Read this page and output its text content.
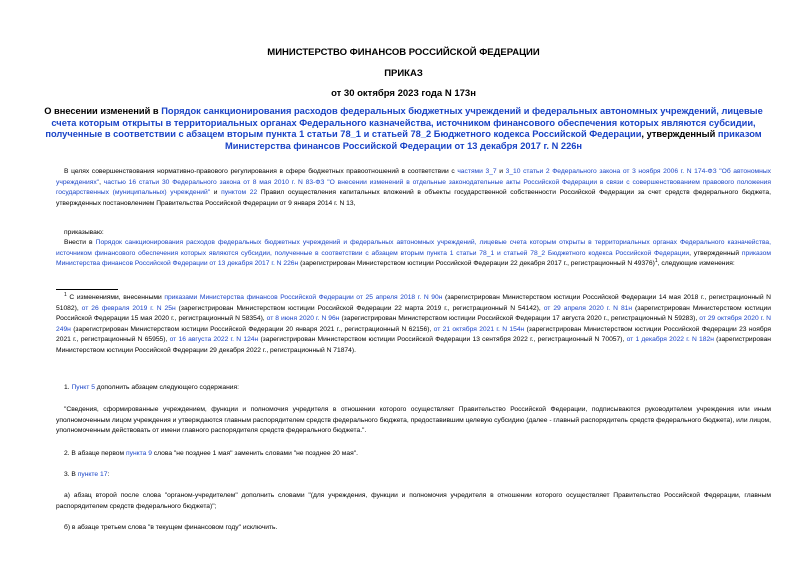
МИНИСТЕРСТВО ФИНАНСОВ РОССИЙСКОЙ ФЕДЕРАЦИИ
ПРИКАЗ
от 30 октября 2023 года N 173н
О внесении изменений в Порядок санкционирования расходов федеральных бюджетных учреждений и федеральных автономных учреждений, лицевые счета которым открыты в территориальных органах Федерального казначейства, источником финансового обеспечения которых являются субсидии, полученные в соответствии с абзацем вторым пункта 1 статьи 78_1 и статьей 78_2 Бюджетного кодекса Российской Федерации, утвержденный приказом Министерства финансов Российской Федерации от 13 декабря 2017 г. N 226н

В целях совершенствования нормативно-правового регулирования в сфере бюджетных правоотношений в соответствии с частями 3_7 и 3_10 статьи 2 Федерального закона от 3 ноября 2006 г. N 174-ФЗ "Об автономных учреждениях", частью 16 статьи 30 Федерального закона от 8 мая 2010 г. N 83-ФЗ "О внесении изменений в отдельные законодательные акты Российской Федерации в связи с совершенствованием правового положения государственных (муниципальных) учреждений" и пунктом 22 Правил осуществления капитальных вложений в объекты государственной собственности Российской Федерации за счет средств федерального бюджета, утвержденных постановлением Правительства Российской Федерации от 9 января 2014 г. N 13,

приказываю:

Внести в Порядок санкционирования расходов федеральных бюджетных учреждений и федеральных автономных учреждений, лицевые счета которым открыты в территориальных органах Федерального казначейства, источником финансового обеспечения которых являются субсидии, полученные в соответствии с абзацем вторым пункта 1 статьи 78_1 и статьей 78_2 Бюджетного кодекса Российской Федерации, утвержденный приказом Министерства финансов Российской Федерации от 13 декабря 2017 г. N 226н (зарегистрирован Министерством юстиции Российской Федерации 22 декабря 2017 г., регистрационный N 49376)$^1$, следующие изменения:

$^1$ С изменениями, внесенными приказами Министерства финансов Российской Федерации от 25 апреля 2018 г. N 90н (зарегистрирован Министерством юстиции Российской Федерации 14 мая 2018 г., регистрационный N 51082), от 26 февраля 2019 г. N 25н (зарегистрирован Министерством юстиции Российской Федерации 22 марта 2019 г., регистрационный N 54142), от 29 апреля 2020 г. N 81н (зарегистрирован Министерством юстиции Российской Федерации 15 мая 2020 г., регистрационный N 58354), от 8 июня 2020 г. N 96н (зарегистрирован Министерством юстиции Российской Федерации 17 августа 2020 г., регистрационный N 59283), от 29 октября 2020 г. N 249н (зарегистрирован Министерством юстиции Российской Федерации 20 января 2021 г., регистрационный N 62156), от 21 октября 2021 г. N 154н (зарегистрирован Министерством юстиции Российской Федерации 23 ноября 2021 г., регистрационный N 65955), от 16 августа 2022 г. N 124н (зарегистрирован Министерством юстиции Российской Федерации 13 сентября 2022 г., регистрационный N 70057), от 1 декабря 2022 г. N 182н (зарегистрирован Министерством юстиции Российской Федерации 29 декабря 2022 г., регистрационный N 71874).

1. Пункт 5 дополнить абзацем следующего содержания:

"Сведения, сформированные учреждением, функции и полномочия учредителя в отношении которого осуществляет Правительство Российской Федерации, подписываются руководителем учреждения или иным уполномоченным лицом учреждения и утверждаются главным распорядителем средств федерального бюджета, предоставившим целевую субсидию (далее - главный распорядитель средств федерального бюджета), или лицом, уполномоченным действовать от имени главного распорядителя средств федерального бюджета.".

2. В абзаце первом пункта 9 слова "не позднее 1 мая" заменить словами "не позднее 20 мая".

3. В пункте 17:

а) абзац второй после слова "органом-учредителем" дополнить словами "(для учреждения, функции и полномочия учредителя в отношении которого осуществляет Правительство Российской Федерации, главным распорядителем средств федерального бюджета)";

б) в абзаце третьем слова "в текущем финансовом году" исключить.
